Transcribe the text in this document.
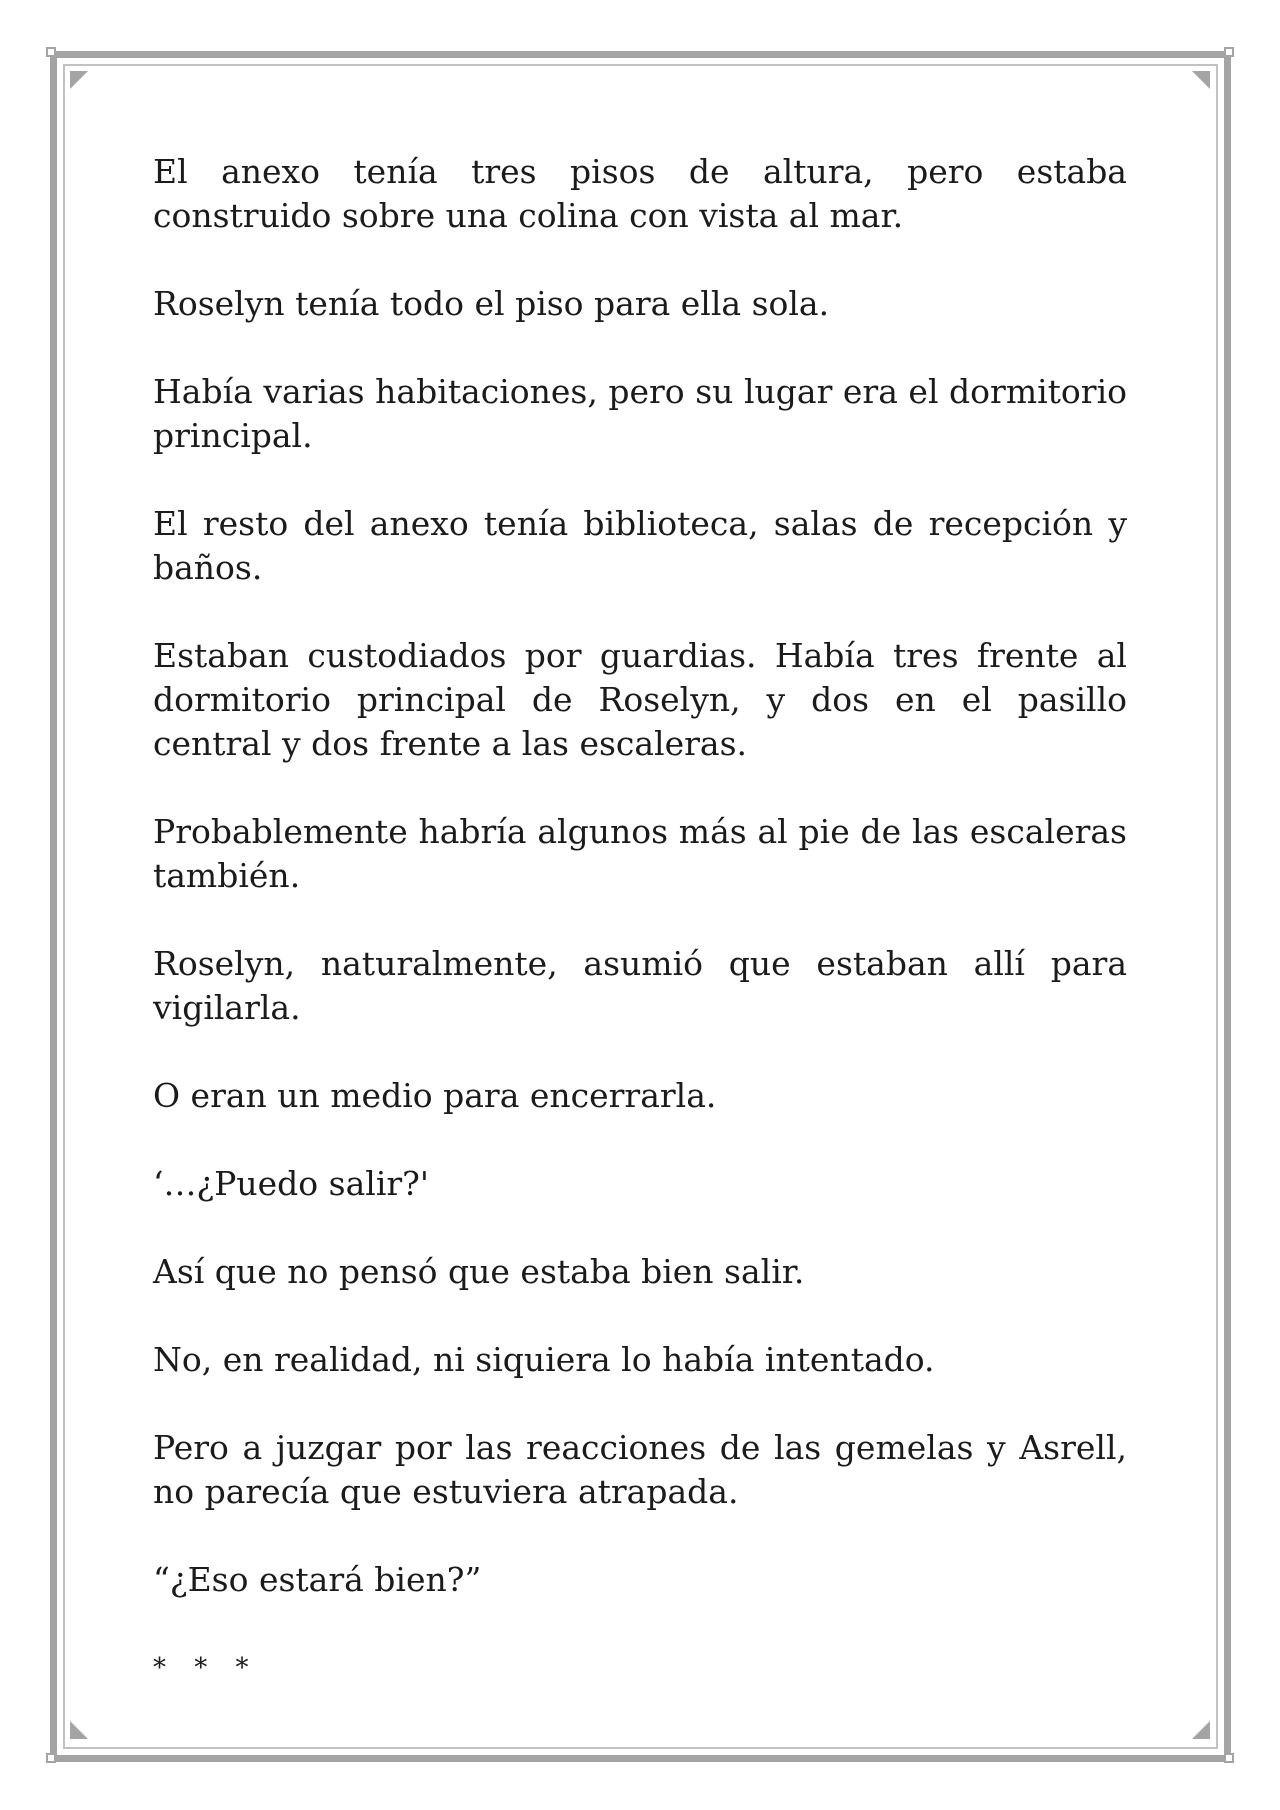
El anexo tenía tres pisos de altura, pero estaba construido sobre una colina con vista al mar.

Roselyn tenía todo el piso para ella sola.

Había varias habitaciones, pero su lugar era el dormitorio principal.

El resto del anexo tenía biblioteca, salas de recepción y baños.

Estaban custodiados por guardias. Había tres frente al dormitorio principal de Roselyn, y dos en el pasillo central y dos frente a las escaleras.

Probablemente habría algunos más al pie de las escaleras también.

Roselyn, naturalmente, asumió que estaban allí para vigilarla.

O eran un medio para encerrarla.

‘…¿Puedo salir?'

Así que no pensó que estaba bien salir.

No, en realidad, ni siquiera lo había intentado.

Pero a juzgar por las reacciones de las gemelas y Asrell, no parecía que estuviera atrapada.

“¿Eso estará bien?”

* * *
